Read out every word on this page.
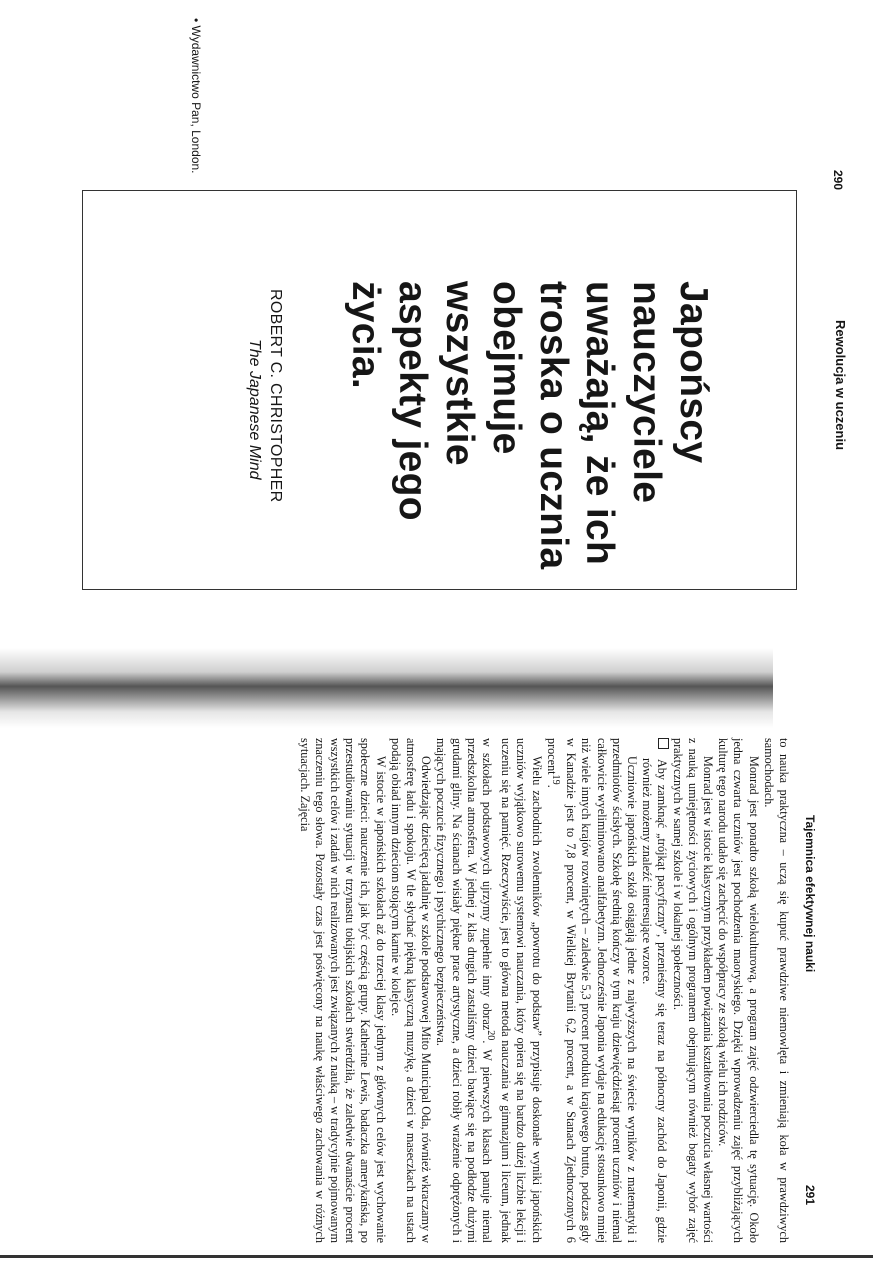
290
Rewolucja w uczeniu

Japońscy
nauczyciele
uważają, że ich
troska o ucznia
obejmuje wszystkie
aspekty jego
życia.

ROBERT C. CHRISTOPHER
The Japanese Mind
• Wydawnictwo Pan, London.
Tajemnica efektywnej nauki
291

to nauka praktyczna – uczą się kupuć prawdziwe niemowlęta i zmieniają koła w prawdziwych samochodach.

Monrad jest ponadto szkołą wielokulturową, a program zajęć odzwierciedla tę sytuację. Około jedna czwarta uczniów jest pochodzenia maoryskiego. Dzięki wprowadzeniu zajęć przybliżających kulturę tego narodu udało się zachęcić do współpracy ze szkołą wielu ich rodziców.

Monrad jest w istocie klasycznym przykładem powiązania kształtowania poczucia własnej wartości z nauką umiejętności życiowych i ogólnym programem obejmującym również bogaty wybór zajęć praktycznych w samej szkole i w lokalnej społeczności.

Aby zamknąć „trójkąt pacyficzny”, przenieśmy się teraz na północny zachód do Japonii, gdzie również możemy znaleźć interesujące wzorce.

Uczniowie japońskich szkół osiągają jedne z najwyższych na świecie wyników z matematyki i przedmiotów ścisłych. Szkołę średnią kończy w tym kraju dziewięćdziesiąt procent uczniów i niemal całkowicie wyeliminowano analfabetyzm. Jednocześnie Japonia wydaje na edukację stosunkowo mniej niż wiele innych krajów rozwiniętych – zaledwie 5,3 procent produktu krajowego brutto, podczas gdy w Kanadzie jest to 7,8 procent, w Wielkiej Brytanii 6,2 procent, a w Stanach Zjednoczonych 6 procent$^{19}$.

Wielu zachodnich zwolenników „powrotu do podstaw” przypisuje doskonałe wyniki japońskich uczniów wyjątkowo surowemu systemowi nauczania, który opiera się na bardzo dużej liczbie lekcji i uczeniu się na pamięć. Rzeczywiście, jest to główna metoda nauczania w gimnazjum i liceum, jednak w szkołach podstawowych ujrzymy zupełnie inny obraz$^{20}$. W pierwszych klasach panuje niemal przedszkolna atmosfera. W jednej z klas drugich zastaliśmy dzieci bawiące się na podłodze dużymi grudami gliny. Na ścianach wisiały piękne prace artystyczne, a dzieci robiły wrażenie odprężonych i mających poczucie fizycznego i psychicznego bezpieczeństwa.

Odwiedzając dziecięcą jadalnię w szkole podstawowej Mito Municipal Oda, również wkraczamy w atmosferę ładu i spokoju. W tle słychać piękną klasyczną muzykę, a dzieci w maseczkach na ustach podają obiad innym dzieciom stojącym karnie w kolejce.

W istocie w japońskich szkołach aż do trzeciej klasy jednym z głównych celów jest wychowanie społeczne dzieci: nauczenie ich, jak być częścią grupy. Katherine Lewis, badaczka amerykańska, po przestudiowaniu sytuacji w trzynastu tokijskich szkołach stwierdziła, że zaledwie dwanaście procent wszystkich celów i zadań w nich realizowanych jest związanych z nauką – w tradycyjnie pojmowanym znaczeniu tego słowa. Pozostały czas jest poświęcony na naukę właściwego zachowania w różnych sytuacjach. Zajęcia
